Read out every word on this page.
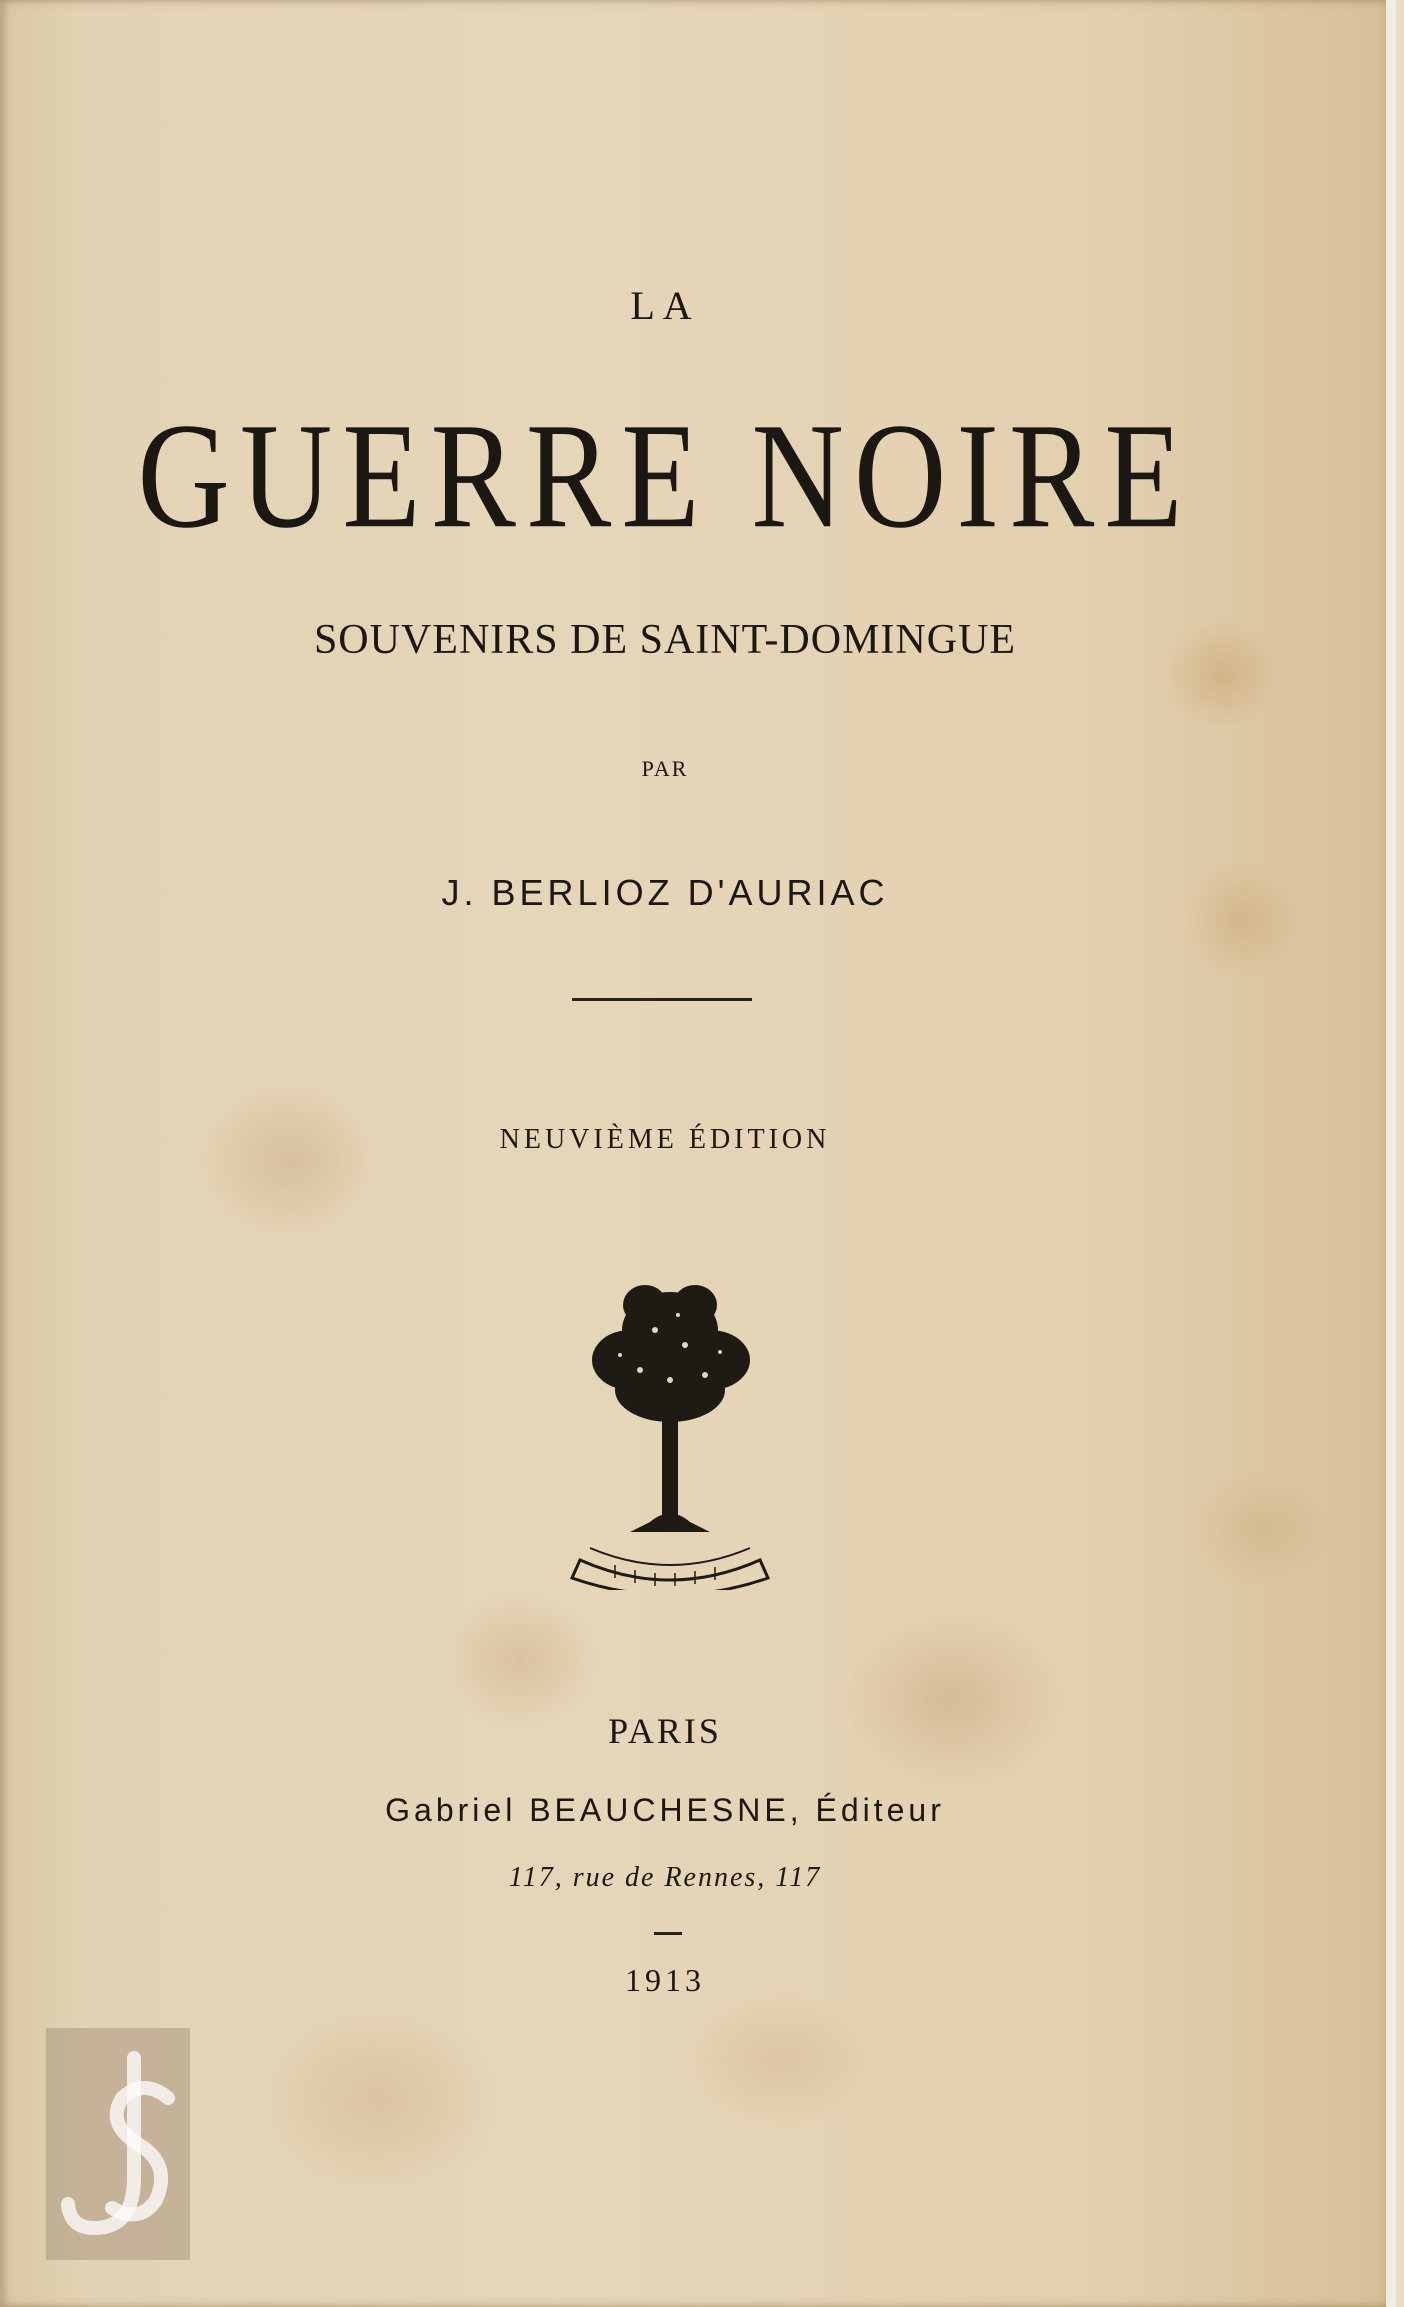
LA
GUERRE NOIRE
SOUVENIRS DE SAINT-DOMINGUE
PAR
J. BERLIOZ D'AURIAC
NEUVIÈME ÉDITION
PARIS
Gabriel BEAUCHESNE, Éditeur
117, rue de Rennes, 117
1913
